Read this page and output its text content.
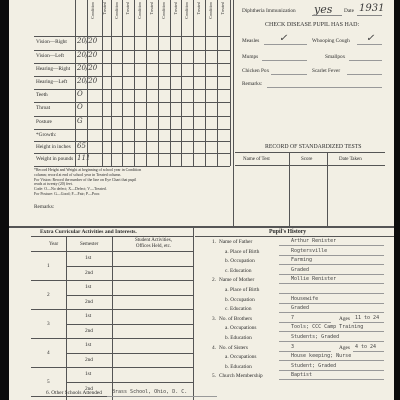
Vision—Right 20/20
Vision—Left 20/20
Hearing—Right 20/20
Hearing—Left 20/20
Teeth	O
Throat	O
Posture	G
*Growth:
Height in inches 65
Weight in pounds 111
Condition Treated Condition Treated Condition Treated Condition Treated Condition Treated Condition Treated
*Record Height and Weight at beginning of school year in Condition
column; record at end of school year in Treated column.
For Vision: Record the number of the line on Eye Chart that pupil
reads at twenty (20) feet.
Code: O—No defect; X—Defect; V—Treated.
For Posture: G—Good; F—Fair; P—Poor.
Remarks:
Diphtheria Immunization yes Date 1931
CHECK DISEASE PUPIL HAS HAD:
Measles ✓	Whooping Cough ✓
Mumps	Smallpox
Chicken Pox	Scarlet Fever
Remarks:
RECORD OF STANDARDIZED TESTS
Name of Test	Score	Date Taken
Extra Curricular Activities and Interests.
Year	Semester
Student Activities,
Offices Held, etc.
1
1st
2nd
2
1st
2nd
3
1st
2nd
4
1st
2nd
5
1st
2nd
Pupil's History
1. Name of Father	Arthur Renister
a. Place of Birth	Rogtersville
b. Occupation	Farming
c. Education	Graded
2. Name of Mother	Mollie Renister
a. Place of Birth
b. Occupation	Housewife
c. Education	Graded
3. No. of Brothers	7	Ages 11 to 24
a. Occupations	Tools; CCC Camp Training
b. Education	Students; Graded
4. No. of Sisters	3	Ages 4 to 24
a. Occupations	House keeping; Nurse
b. Education	Student; Graded
5. Church Membership	Baptist
6. Other Schools Attended Brass School, Ohio, D. C.
